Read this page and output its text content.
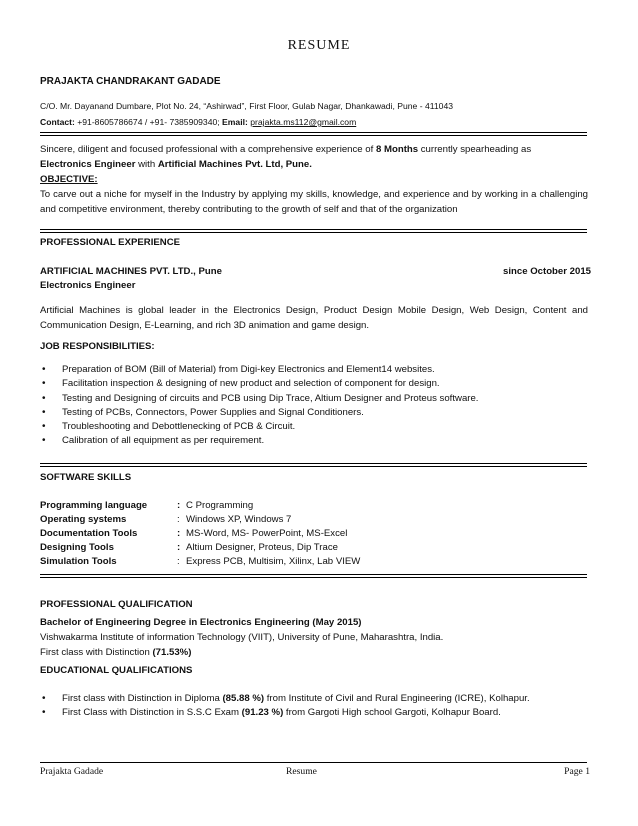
RESUME
PRAJAKTA CHANDRAKANT GADADE
C/O. Mr. Dayanand Dumbare, Plot No. 24, “Ashirwad”, First Floor, Gulab Nagar, Dhankawadi, Pune - 411043
Contact: +91-8605786674 / +91- 7385909340; Email: prajakta.ms112@gmail.com
Sincere, diligent and focused professional with a comprehensive experience of 8 Months currently spearheading as
Electronics Engineer with Artificial Machines Pvt. Ltd, Pune.
OBJECTIVE:
To carve out a niche for myself in the Industry by applying my skills, knowledge, and experience and by working in a challenging and competitive environment, thereby contributing to the growth of self and that of the organization
PROFESSIONAL EXPERIENCE
ARTIFICIAL MACHINES PVT. LTD., Pune	since October 2015
Electronics Engineer
Artificial Machines is global leader in the Electronics Design, Product Design Mobile Design, Web Design, Content and Communication Design, E-Learning, and rich 3D animation and game design.
JOB RESPONSIBILITIES:
• Preparation of BOM (Bill of Material) from Digi-key Electronics and Element14 websites.
• Facilitation inspection & designing of new product and selection of component for design.
• Testing and Designing of circuits and PCB using Dip Trace, Altium Designer and Proteus software.
• Testing of PCBs, Connectors, Power Supplies and Signal Conditioners.
• Troubleshooting and Debottlenecking of PCB & Circuit.
• Calibration of all equipment as per requirement.
SOFTWARE SKILLS
Programming language	: C Programming
Operating systems	: Windows XP, Windows 7
Documentation Tools	: MS-Word, MS- PowerPoint, MS-Excel
Designing Tools	: Altium Designer, Proteus, Dip Trace
Simulation Tools	: Express PCB, Multisim, Xilinx, Lab VIEW
PROFESSIONAL QUALIFICATION
Bachelor of Engineering Degree in Electronics Engineering (May 2015)
Vishwakarma Institute of information Technology (VIIT), University of Pune, Maharashtra, India.
First class with Distinction (71.53%)
EDUCATIONAL QUALIFICATIONS
• First class with Distinction in Diploma (85.88 %) from Institute of Civil and Rural Engineering (ICRE), Kolhapur.
• First Class with Distinction in S.S.C Exam (91.23 %) from Gargoti High school Gargoti, Kolhapur Board.
Prajakta Gadade	Resume	Page 1
